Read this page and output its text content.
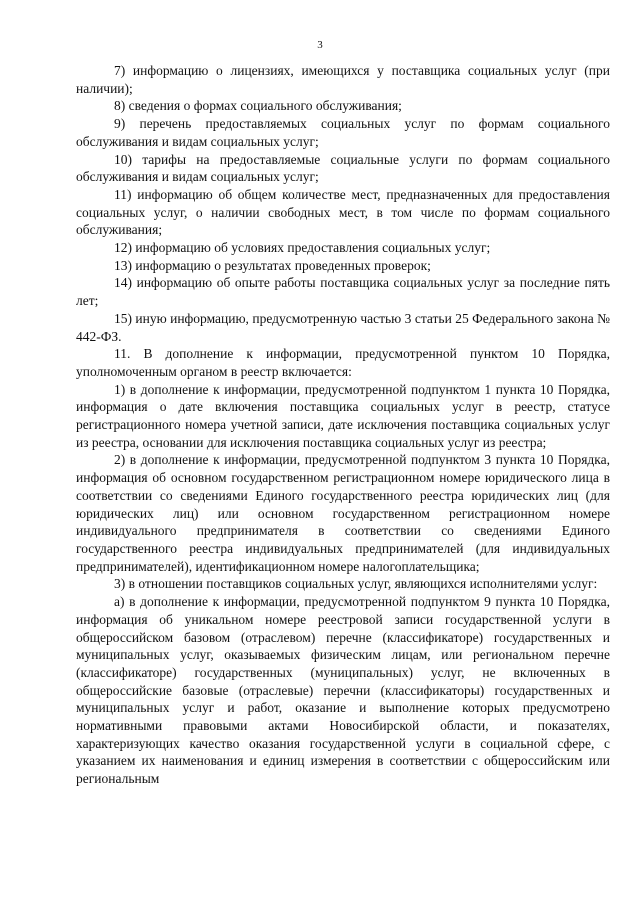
3

7) информацию о лицензиях, имеющихся у поставщика социальных услуг (при наличии);

8) сведения о формах социального обслуживания;

9) перечень предоставляемых социальных услуг по формам социального обслуживания и видам социальных услуг;

10) тарифы на предоставляемые социальные услуги по формам социального обслуживания и видам социальных услуг;

11) информацию об общем количестве мест, предназначенных для предоставления социальных услуг, о наличии свободных мест, в том числе по формам социального обслуживания;

12) информацию об условиях предоставления социальных услуг;

13) информацию о результатах проведенных проверок;

14) информацию об опыте работы поставщика социальных услуг за последние пять лет;

15) иную информацию, предусмотренную частью 3 статьи 25 Федерального закона № 442-ФЗ.

11. В дополнение к информации, предусмотренной пунктом 10 Порядка, уполномоченным органом в реестр включается:

1) в дополнение к информации, предусмотренной подпунктом 1 пункта 10 Порядка, информация о дате включения поставщика социальных услуг в реестр, статусе регистрационного номера учетной записи, дате исключения поставщика социальных услуг из реестра, основании для исключения поставщика социальных услуг из реестра;

2) в дополнение к информации, предусмотренной подпунктом 3 пункта 10 Порядка, информация об основном государственном регистрационном номере юридического лица в соответствии со сведениями Единого государственного реестра юридических лиц (для юридических лиц) или основном государственном регистрационном номере индивидуального предпринимателя в соответствии со сведениями Единого государственного реестра индивидуальных предпринимателей (для индивидуальных предпринимателей), идентификационном номере налогоплательщика;

3) в отношении поставщиков социальных услуг, являющихся исполнителями услуг:

а) в дополнение к информации, предусмотренной подпунктом 9 пункта 10 Порядка, информация об уникальном номере реестровой записи государственной услуги в общероссийском базовом (отраслевом) перечне (классификаторе) государственных и муниципальных услуг, оказываемых физическим лицам, или региональном перечне (классификаторе) государственных (муниципальных) услуг, не включенных в общероссийские базовые (отраслевые) перечни (классификаторы) государственных и муниципальных услуг и работ, оказание и выполнение которых предусмотрено нормативными правовыми актами Новосибирской области, и показателях, характеризующих качество оказания государственной услуги в социальной сфере, с указанием их наименования и единиц измерения в соответствии с общероссийским или региональным
